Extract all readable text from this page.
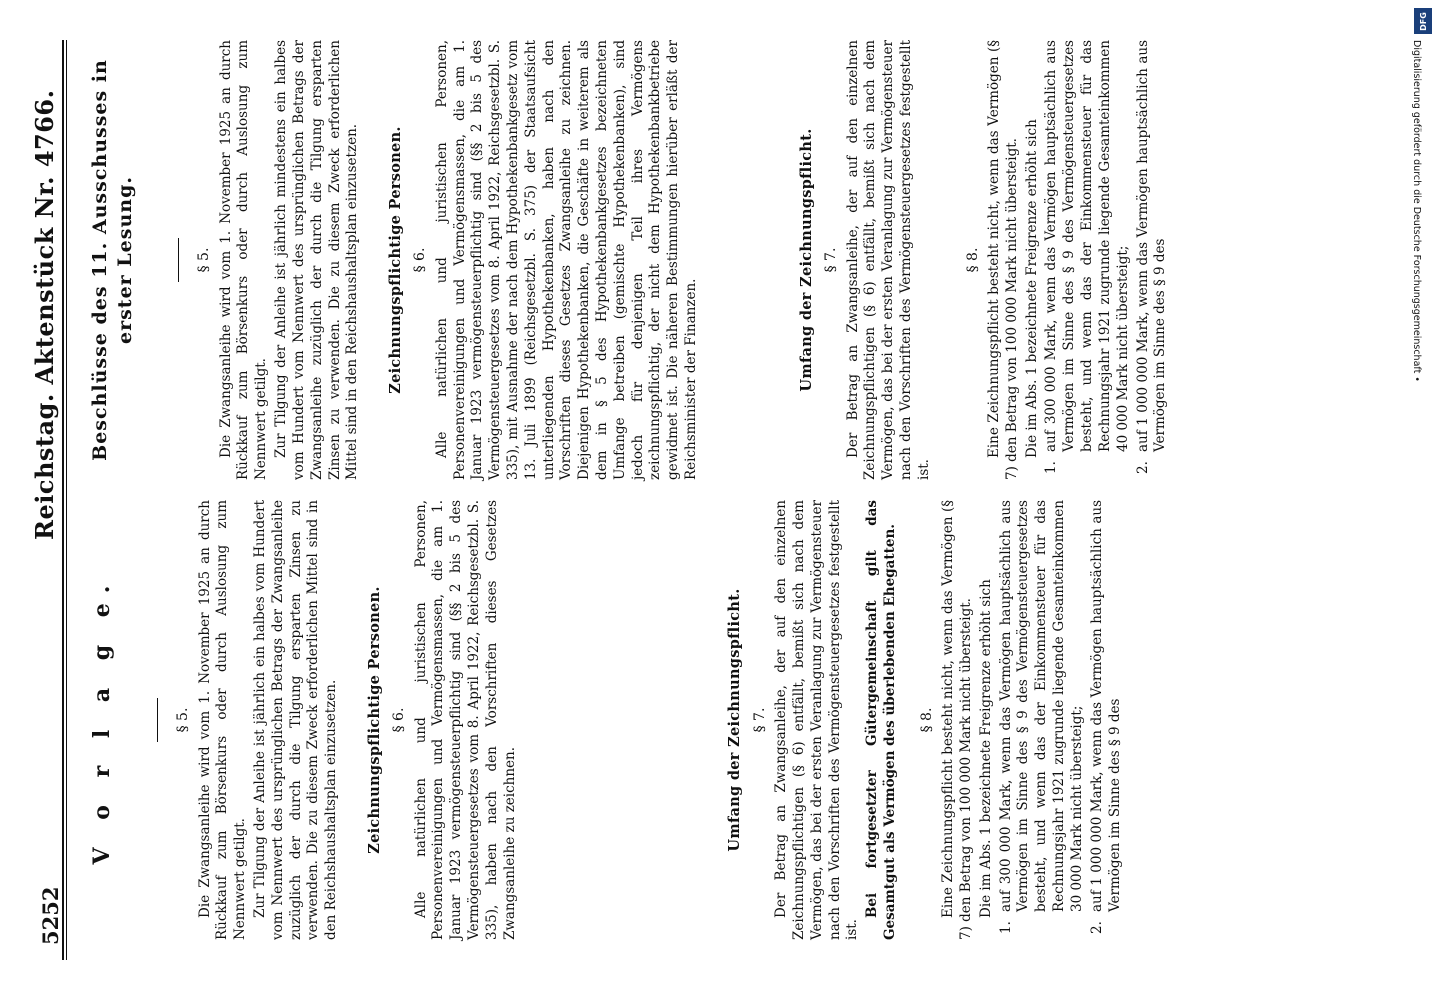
5252
Reichstag. Aktenstück Nr. 4766.
V o r l a g e.	§ 5. Die Zwangsanleihe wird vom 1. November 1925 an durch Rückkauf zum Börsenkurs oder durch Auslosung zum Nennwert getilgt. Zur Tilgung der Anleihe ist jährlich ein halbes vom Hundert vom Nennwert des ursprünglichen Betrags der Zwangsanleihe zuzüglich der durch die Tilgung ersparten Zinsen zu verwenden. Die zu diesem Zweck erforderlichen Mittel sind in den Reichshaushaltsplan einzusetzen. Zeichnungspflichtige Personen. § 6. Alle natürlichen und juristischen Personen, Personenvereinigungen und Vermögensmassen, die am 1. Januar 1923 vermögensteuerpflichtig sind (§§ 2 bis 5 des Vermögensteuergesetzes vom 8. April 1922, Reichsgesetzbl. S. 335), haben nach den Vorschriften dieses Gesetzes Zwangsanleihe zu zeichnen.	Umfang der Zeichnungspflicht. § 7. Der Betrag an Zwangsanleihe, der auf den einzelnen Zeichnungspflichtigen (§ 6) entfällt, bemißt sich nach dem Vermögen, das bei der ersten Veranlagung zur Vermögensteuer nach den Vorschriften des Vermögensteuergesetzes festgestellt ist.

Bei fortgesetzter Gütergemeinschaft gilt das Gesamtgut als Vermögen des überlebenden Ehegatten. § 8. Eine Zeichnungspflicht besteht nicht, wenn das Vermögen (§ 7) den Betrag von 100 000 Mark nicht übersteigt. Die im Abs. 1 bezeichnete Freigrenze erhöht sich

1.
auf 300 000 Mark, wenn das Vermögen hauptsächlich aus Vermögen im Sinne des § 9 des Vermögensteuergesetzes besteht, und wenn das der Einkommensteuer für das Rechnungsjahr 1921 zugrunde liegende Gesamteinkommen 30 000 Mark nicht übersteigt;
2.
auf 1 000 000 Mark, wenn das Vermögen hauptsächlich aus Vermögen im Sinne des § 9 des
Beschlüsse des 11. Ausschusses in erster Lesung.	§ 5. Die Zwangsanleihe wird vom 1. November 1925 an durch Rückkauf zum Börsenkurs oder durch Auslosung zum Nennwert getilgt. Zur Tilgung der Anleihe ist jährlich mindestens ein halbes vom Hundert vom Nennwert des ursprünglichen Betrags der Zwangsanleihe zuzüglich der durch die Tilgung ersparten Zinsen zu verwenden. Die zu diesem Zweck erforderlichen Mittel sind in den Reichshaushaltsplan einzusetzen. Zeichnungspflichtige Personen. § 6. Alle natürlichen und juristischen Personen, Personenvereinigungen und Vermögensmassen, die am 1. Januar 1923 vermögensteuerpflichtig sind (§§ 2 bis 5 des Vermögensteuergesetzes vom 8. April 1922, Reichsgesetzbl. S. 335), mit Ausnahme der nach dem Hypothekenbankgesetz vom 13. Juli 1899 (Reichsgesetzbl. S. 375) der Staatsaufsicht unterliegenden Hypothekenbanken, haben nach den Vorschriften dieses Gesetzes Zwangsanleihe zu zeichnen. Diejenigen Hypothekenbanken, die Geschäfte in weiterem als dem in § 5 des Hypothekenbankgesetzes bezeichneten Umfange betreiben (gemischte Hypothekenbanken), sind jedoch für denjenigen Teil ihres Vermögens zeichnungspflichtig, der nicht dem Hypothekenbankbetriebe gewidmet ist. Die näheren Bestimmungen hierüber erläßt der Reichsminister der Finanzen.	Umfang der Zeichnungspflicht. § 7. Der Betrag an Zwangsanleihe, der auf den einzelnen Zeichnungspflichtigen (§ 6) entfällt, bemißt sich nach dem Vermögen, das bei der ersten Veranlagung zur Vermögensteuer nach den Vorschriften des Vermögensteuergesetzes festgestellt ist.

§ 8. Eine Zeichnungspflicht besteht nicht, wenn das Vermögen (§ 7) den Betrag von 100 000 Mark nicht übersteigt. Die im Abs. 1 bezeichnete Freigrenze erhöht sich

1.
auf 300 000 Mark, wenn das Vermögen hauptsächlich aus Vermögen im Sinne des § 9 des Vermögensteuergesetzes besteht, und wenn das der Einkommensteuer für das Rechnungsjahr 1921 zugrunde liegende Gesamteinkommen 40 000 Mark nicht übersteigt;
2.
auf 1 000 000 Mark, wenn das Vermögen hauptsächlich aus Vermögen im Sinne des § 9 des
DFG
Digitalisierung gefördert durch die Deutsche Forschungsgemeinschaft •
